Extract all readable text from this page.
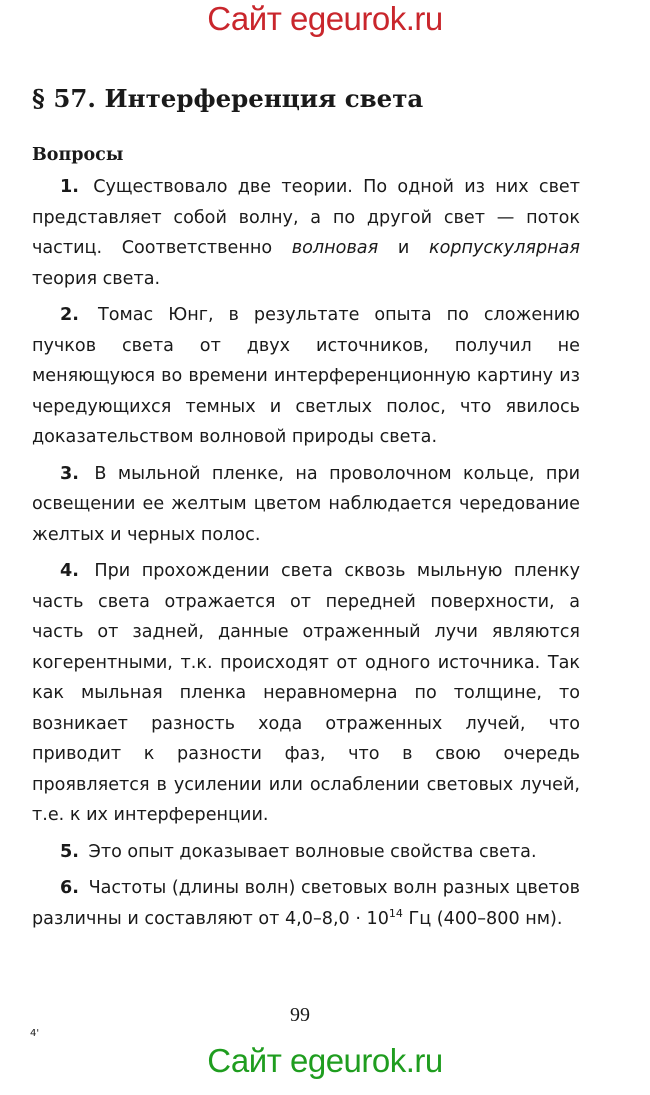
Сайт egeurok.ru
§ 57. Интерференция света
Вопросы

1. Существовало две теории. По одной из них свет представляет собой волну, а по другой свет — поток частиц. Соответственно волновая и корпускулярная теория света.

2. Томас Юнг, в результате опыта по сложению пучков света от двух источников, получил не меняющуюся во времени интерференционную картину из чередующихся темных и светлых полос, что явилось доказательством волновой природы света.

3. В мыльной пленке, на проволочном кольце, при освещении ее желтым цветом наблюдается чередование желтых и черных полос.

4. При прохождении света сквозь мыльную пленку часть света отражается от передней поверхности, а часть от задней, данные отраженный лучи являются когерентными, т.к. происходят от одного источника. Так как мыльная пленка неравномерна по толщине, то возникает разность хода отраженных лучей, что приводит к разности фаз, что в свою очередь проявляется в усилении или ослаблении световых лучей, т.е. к их интерференции.

5. Это опыт доказывает волновые свойства света.

6. Частоты (длины волн) световых волн разных цветов различны и составляют от $4,0-8,0 \cdot 10^{14}$ Гц (400–800 нм).

99
4'
Сайт egeurok.ru
